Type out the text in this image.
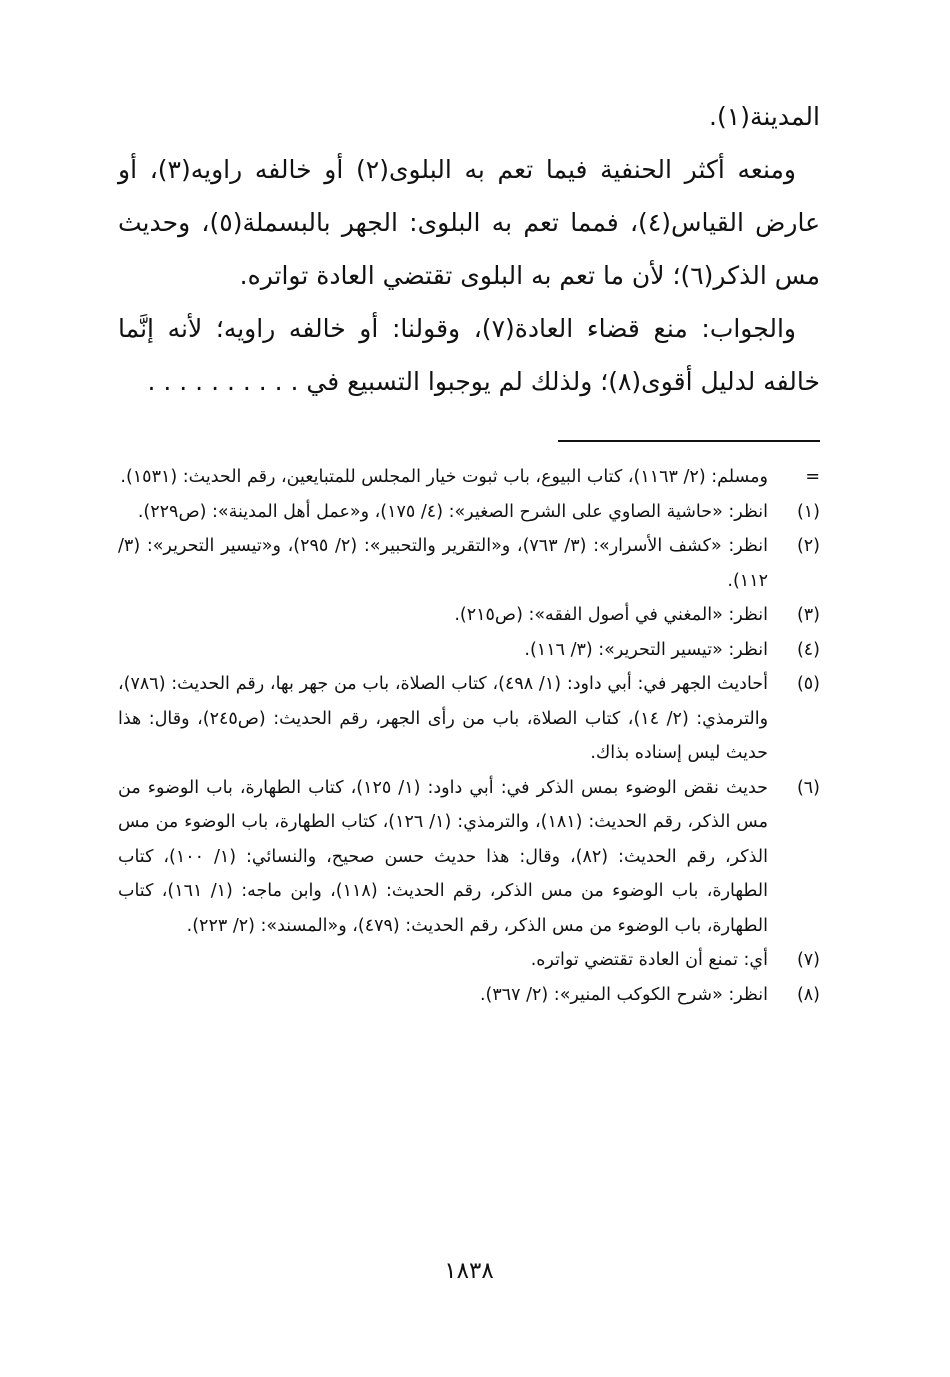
المدينة(١).

ومنعه أكثر الحنفية فيما تعم به البلوى(٢) أو خالفه راويه(٣)، أو عارض القياس(٤)، فمما تعم به البلوى: الجهر بالبسملة(٥)، وحديث مس الذكر(٦)؛ لأن ما تعم به البلوى تقتضي العادة تواتره.

والجواب: منع قضاء العادة(٧)، وقولنا: أو خالفه راويه؛ لأنه إنَّما خالفه لدليل أقوى(٨)؛ ولذلك لم يوجبوا التسبيع في . . . . . . . . . .

=
ومسلم: (٢/ ١١٦٣)، كتاب البيوع، باب ثبوت خيار المجلس للمتبايعين، رقم الحديث: (١٥٣١).
(١)
انظر: «حاشية الصاوي على الشرح الصغير»: (٤/ ١٧٥)، و«عمل أهل المدينة»: (ص٢٢٩).
(٢)
انظر: «كشف الأسرار»: (٣/ ٧٦٣)، و«التقرير والتحبير»: (٢/ ٢٩٥)، و«تيسير التحرير»: (٣/ ١١٢).
(٣)
انظر: «المغني في أصول الفقه»: (ص٢١٥).
(٤)
انظر: «تيسير التحرير»: (٣/ ١١٦).
(٥)
أحاديث الجهر في: أبي داود: (١/ ٤٩٨)، كتاب الصلاة، باب من جهر بها، رقم الحديث: (٧٨٦)، والترمذي: (٢/ ١٤)، كتاب الصلاة، باب من رأى الجهر، رقم الحديث: (ص٢٤٥)، وقال: هذا حديث ليس إسناده بذاك.
(٦)
حديث نقض الوضوء بمس الذكر في: أبي داود: (١/ ١٢٥)، كتاب الطهارة، باب الوضوء من مس الذكر، رقم الحديث: (١٨١)، والترمذي: (١/ ١٢٦)، كتاب الطهارة، باب الوضوء من مس الذكر، رقم الحديث: (٨٢)، وقال: هذا حديث حسن صحيح، والنسائي: (١/ ١٠٠)، كتاب الطهارة، باب الوضوء من مس الذكر، رقم الحديث: (١١٨)، وابن ماجه: (١/ ١٦١)، كتاب الطهارة، باب الوضوء من مس الذكر، رقم الحديث: (٤٧٩)، و«المسند»: (٢/ ٢٢٣).
(٧)
أي: تمنع أن العادة تقتضي تواتره.
(٨)
انظر: «شرح الكوكب المنير»: (٢/ ٣٦٧).
١٨٣٨
